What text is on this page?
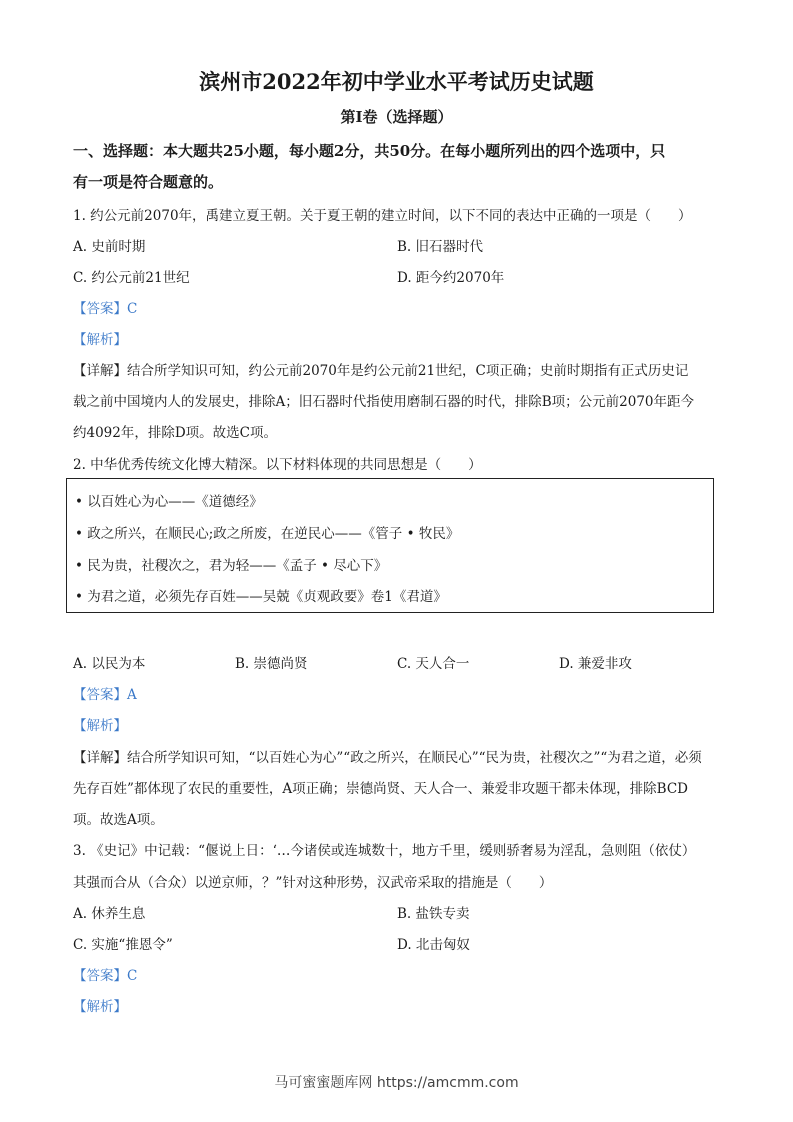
滨州市2022年初中学业水平考试历史试题
第Ⅰ卷（选择题）
一、选择题：本大题共25小题，每小题2分，共50分。在每小题所列出的四个选项中，只
有一项是符合题意的。
1. 约公元前2070年，禹建立夏王朝。关于夏王朝的建立时间，以下不同的表达中正确的一项是（　　）
A. 史前时期	B. 旧石器时代
C. 约公元前21世纪	D. 距今约2070年
【答案】C
【解析】
【详解】结合所学知识可知，约公元前2070年是约公元前21世纪，C项正确；史前时期指有正式历史记
载之前中国境内人的发展史，排除A；旧石器时代指使用磨制石器的时代，排除B项；公元前2070年距今
约4092年，排除D项。故选C项。
2. 中华优秀传统文化博大精深。以下材料体现的共同思想是（　　）
• 以百姓心为心——《道德经》
• 政之所兴，在顺民心;政之所废，在逆民心——《管子 • 牧民》
• 民为贵，社稷次之，君为轻——《孟子 • 尽心下》
• 为君之道，必须先存百姓——吴兢《贞观政要》卷1《君道》
A. 以民为本	B. 崇德尚贤	C. 天人合一	D. 兼爱非攻
【答案】A
【解析】
【详解】结合所学知识可知，“以百姓心为心”“政之所兴，在顺民心”“民为贵，社稷次之”“为君之道，必须
先存百姓”都体现了农民的重要性，A项正确；崇德尚贤、天人合一、兼爱非攻题干都未体现，排除BCD
项。故选A项。
3. 《史记》中记载：“偃说上日：‘…今诸侯或连城数十，地方千里，缓则骄奢易为淫乱，急则阻（依仗）
其强而合从（合众）以逆京师，？”针对这种形势，汉武帝采取的措施是（　　）
A. 休养生息	B. 盐铁专卖
C. 实施“推恩令”	D. 北击匈奴
【答案】C
【解析】
马可蜜蜜题库网 https://amcmm.com
